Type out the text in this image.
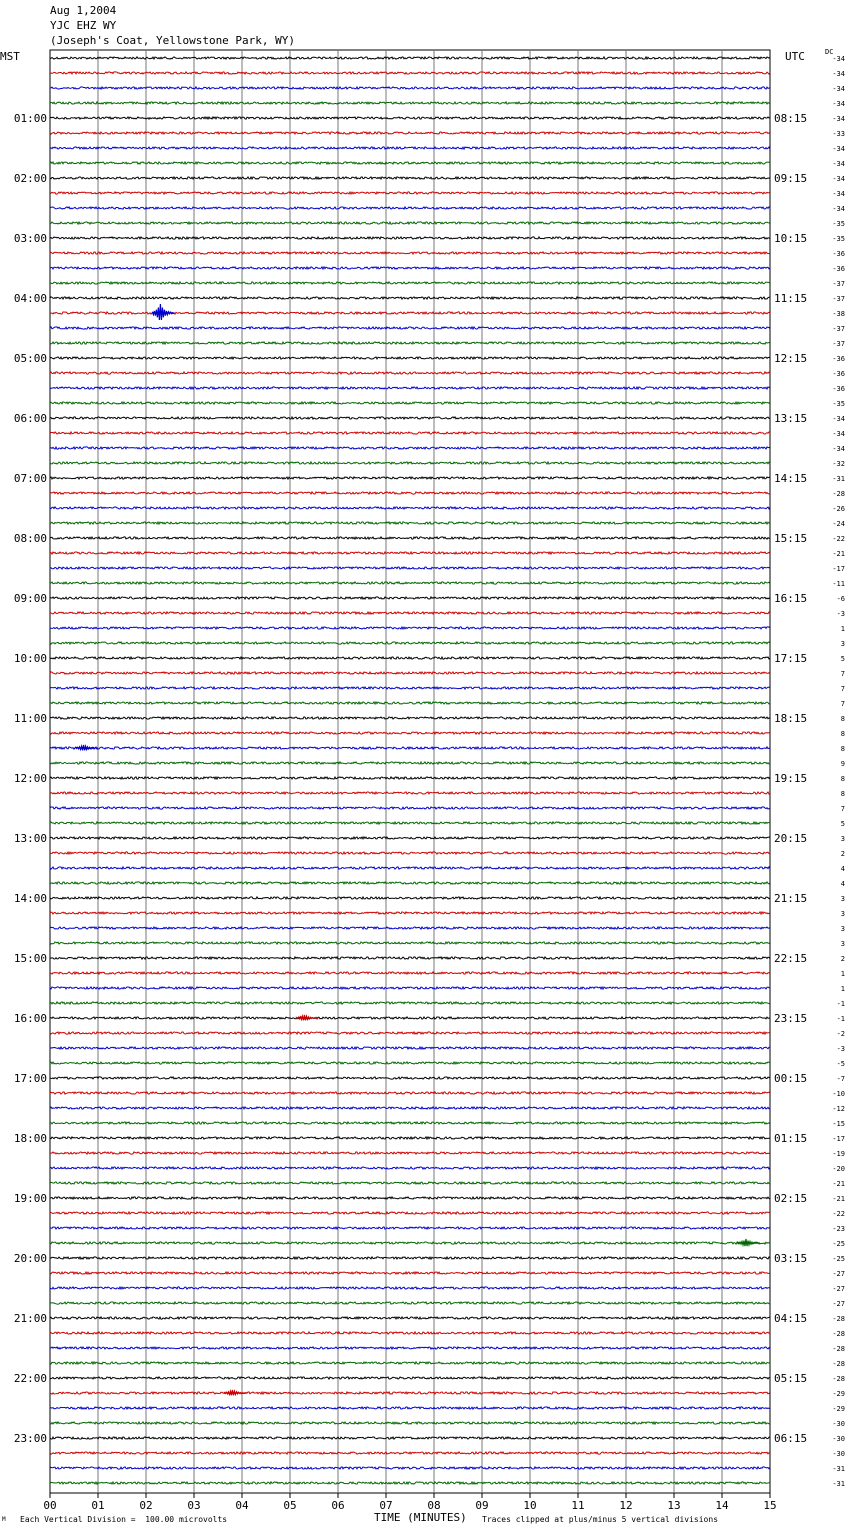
Aug 1,2004
YJC EHZ WY
(Joseph's Coat, Yellowstone Park, WY)
MST	UTC	DC
00	01	02	03	04	05	06	07	08	09	10	11	12	13	14	15
-34
-34
-34
-34
-34
-33
-34
-34
-34
-34
-34
-35
-35
-36
-36
-37
-37
-38
-37
-37
-36
-36
-36
-35
-34
-34
-34
-32
-31
-28
-26
-24
-22
-21
-17
-11
-6
-3
1
3
5
7
7
7
8
8
8
9
8
8
7
5
3
2
4
4
3
3
3
3
2
1
1
-1
-1
-2
-3
-5
-7
-10
-12
-15
-17
-19
-20
-21
-21
-22
-23
-25
-25
-27
-27
-27
-28
-28
-28
-28
-28
-29
-29
-30
-30
-30
-31
-31
01:00
02:00
03:00
04:00
05:00
06:00
07:00
08:00
09:00
10:00
11:00
12:00
13:00
14:00
15:00
16:00
17:00
18:00
19:00
20:00
21:00
22:00
23:00
08:15
09:15
10:15
11:15
12:15
13:15
14:15
15:15
16:15
17:15
18:15
19:15
20:15
21:15
22:15
23:15
00:15
01:15
02:15
03:15
04:15
05:15
06:15
M Each Vertical Division =  100.00 microvolts	TIME (MINUTES) Traces clipped at plus/minus 5 vertical divisions
